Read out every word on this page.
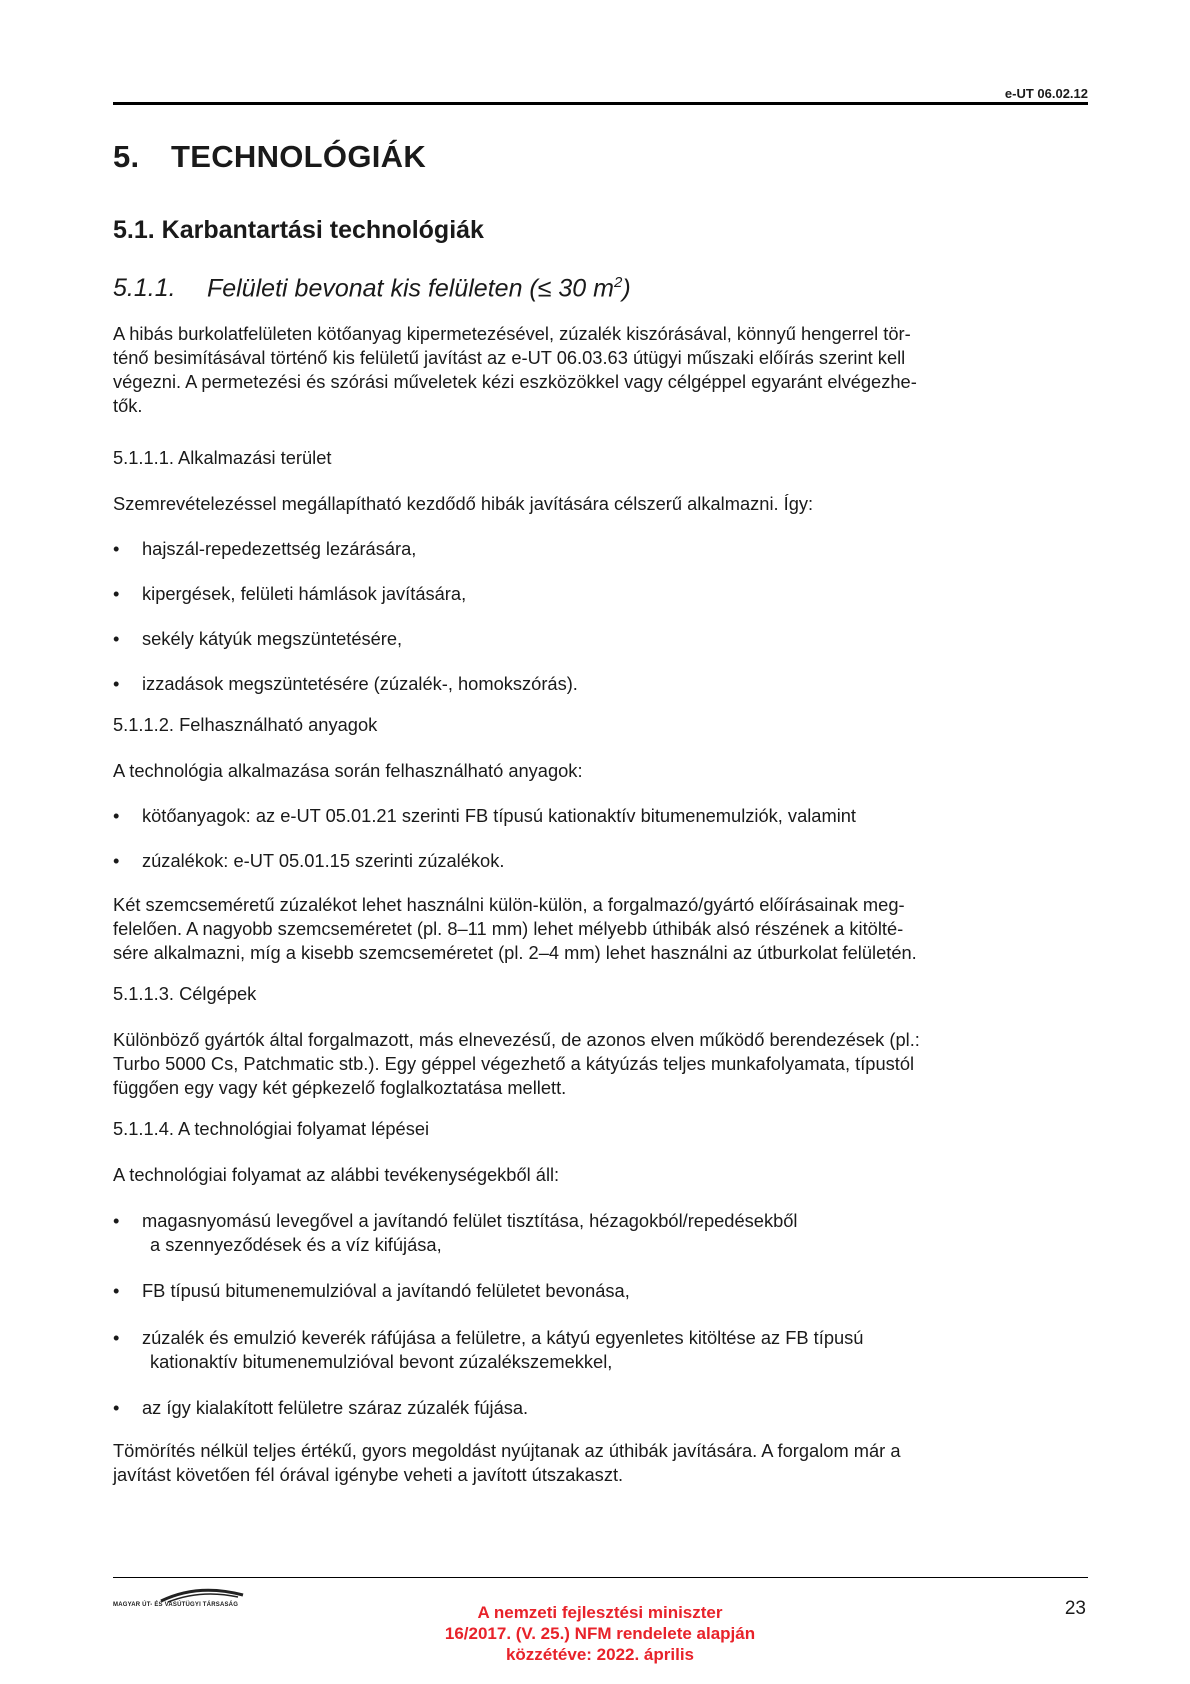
e-UT 06.02.12
5. TECHNOLÓGIÁK
5.1. Karbantartási technológiák
5.1.1. Felületi bevonat kis felületen (≤ 30 $m^2$)
A hibás burkolatfelületen kötőanyag kipermetezésével, zúzalék kiszórásával, könnyű hengerrel tör-
ténő besimításával történő kis felületű javítást az e-UT 06.03.63 útügyi műszaki előírás szerint kell
végezni. A permetezési és szórási műveletek kézi eszközökkel vagy célgéppel egyaránt elvégezhe-
tők.
5.1.1.1. Alkalmazási terület
Szemrevételezéssel megállapítható kezdődő hibák javítására célszerű alkalmazni. Így:
• hajszál-repedezettség lezárására,
• kipergések, felületi hámlások javítására,
• sekély kátyúk megszüntetésére,
• izzadások megszüntetésére (zúzalék-, homokszórás).
5.1.1.2. Felhasználható anyagok
A technológia alkalmazása során felhasználható anyagok:
• kötőanyagok: az e-UT 05.01.21 szerinti FB típusú kationaktív bitumenemulziók, valamint
• zúzalékok: e-UT 05.01.15 szerinti zúzalékok.
Két szemcseméretű zúzalékot lehet használni külön-külön, a forgalmazó/gyártó előírásainak meg-
felelően. A nagyobb szemcseméretet (pl. 8–11 mm) lehet mélyebb úthibák alsó részének a kitölté-
sére alkalmazni, míg a kisebb szemcseméretet (pl. 2–4 mm) lehet használni az útburkolat felületén.
5.1.1.3. Célgépek
Különböző gyártók által forgalmazott, más elnevezésű, de azonos elven működő berendezések (pl.:
Turbo 5000 Cs, Patchmatic stb.). Egy géppel végezhető a kátyúzás teljes munkafolyamata, típustól
függően egy vagy két gépkezelő foglalkoztatása mellett.
5.1.1.4. A technológiai folyamat lépései
A technológiai folyamat az alábbi tevékenységekből áll:
• magasnyomású levegővel a javítandó felület tisztítása, hézagokból/repedésekből
a szennyeződések és a víz kifújása,
• FB típusú bitumenemulzióval a javítandó felületet bevonása,
• zúzalék és emulzió keverék ráfújása a felületre, a kátyú egyenletes kitöltése az FB típusú
kationaktív bitumenemulzióval bevont zúzalékszemekkel,
• az így kialakított felületre száraz zúzalék fújása.
Tömörítés nélkül teljes értékű, gyors megoldást nyújtanak az úthibák javítására. A forgalom már a
javítást követően fél órával igénybe veheti a javított útszakaszt.
MAGYAR ÚT- ÉS VASÚTÜGYI TÁRSASÁG	A nemzeti fejlesztési miniszter
16/2017. (V. 25.) NFM rendelete alapján
közzétéve: 2022. április
23
